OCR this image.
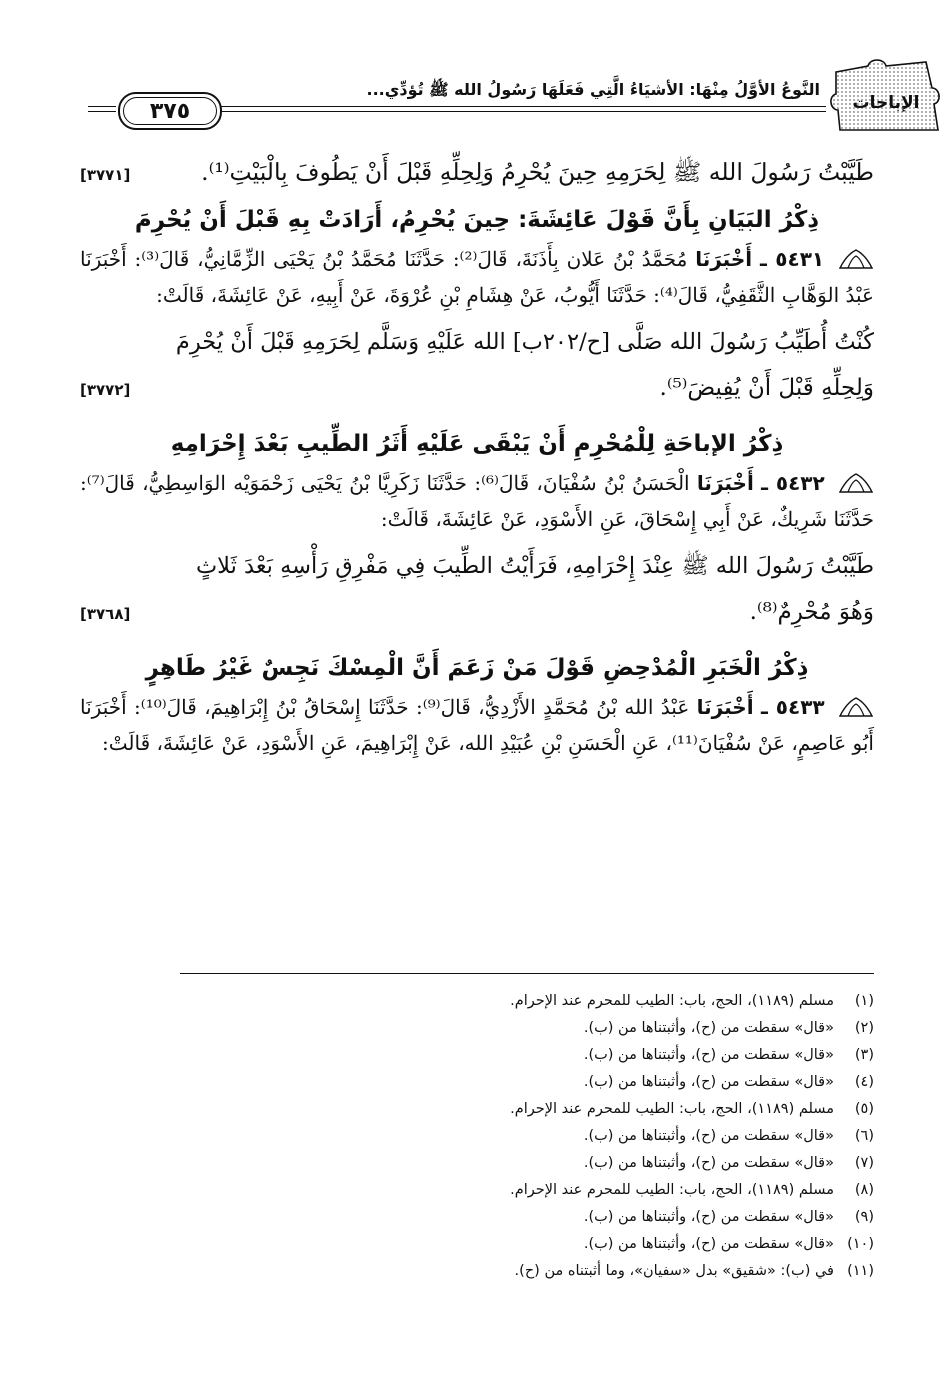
الإباحات
النَّوعُ الأوَّلُ مِنْهَا: الأشيَاءُ الَّتِي فَعَلَهَا رَسُولُ الله ﷺ تُؤدِّي...
٣٧٥
طَيَّبْتُ رَسُولَ الله ﷺ لِحَرَمِهِ حِينَ يُحْرِمُ وَلِحِلِّهِ قَبْلَ أَنْ يَطُوفَ بِالْبَيْتِ⁽¹⁾.
[٣٧٧١]
ذِكْرُ البَيَانِ بِأَنَّ قَوْلَ عَائِشَةَ: حِينَ يُحْرِمُ، أَرَادَتْ بِهِ قَبْلَ أَنْ يُحْرِمَ
٥٤٣١ ـ أَخْبَرَنَا مُحَمَّدُ بْنُ عَلان بِأَذَنَةَ، قَالَ⁽²⁾: حَدَّثَنَا مُحَمَّدُ بْنُ يَحْيَى الزِّمَّانِيُّ، قَالَ⁽³⁾: أَخْبَرَنَا عَبْدُ الوَهَّابِ الثَّقَفِيُّ، قَالَ⁽⁴⁾: حَدَّثَنَا أَيُّوبُ، عَنْ هِشَامِ بْنِ عُرْوَةَ، عَنْ أَبِيهِ، عَنْ عَائِشَةَ، قَالَتْ:
كُنْتُ أُطَيِّبُ رَسُولَ الله صَلَّى [ح/٢٠٢ب] الله عَلَيْهِ وَسَلَّم لِحَرَمِهِ قَبْلَ أَنْ يُحْرِمَ
وَلِحِلِّهِ قَبْلَ أَنْ يُفِيضَ⁽⁵⁾.
[٣٧٧٢]
ذِكْرُ الإباحَةِ لِلْمُحْرِمِ أَنْ يَبْقَى عَلَيْهِ أَثَرُ الطِّيبِ بَعْدَ إِحْرَامِهِ
٥٤٣٢ ـ أَخْبَرَنَا الْحَسَنُ بْنُ سُفْيَانَ، قَالَ⁽⁶⁾: حَدَّثَنَا زَكَرِيَّا بْنُ يَحْيَى زَحْمَوَيْه الوَاسِطِيُّ، قَالَ⁽⁷⁾: حَدَّثَنَا شَرِيكٌ، عَنْ أَبِي إِسْحَاقَ، عَنِ الأَسْوَدِ، عَنْ عَائِشَةَ، قَالَتْ:
طَيَّبْتُ رَسُولَ الله ﷺ عِنْدَ إِحْرَامِهِ، فَرَأَيْتُ الطِّيبَ فِي مَفْرِقِ رَأْسِهِ بَعْدَ ثَلاثٍ
وَهُوَ مُحْرِمٌ⁽⁸⁾.
[٣٧٦٨]
ذِكْرُ الْخَبَرِ الْمُدْحِضِ قَوْلَ مَنْ زَعَمَ أَنَّ الْمِسْكَ نَجِسٌ غَيْرُ طَاهِرٍ
٥٤٣٣ ـ أَخْبَرَنَا عَبْدُ الله بْنُ مُحَمَّدٍ الأَزْدِيُّ، قَالَ⁽⁹⁾: حَدَّثَنَا إِسْحَاقُ بْنُ إِبْرَاهِيمَ، قَالَ⁽¹⁰⁾: أَخْبَرَنَا أَبُو عَاصِمٍ، عَنْ سُفْيَانَ⁽¹¹⁾، عَنِ الْحَسَنِ بْنِ عُبَيْدِ الله، عَنْ إِبْرَاهِيمَ، عَنِ الأَسْوَدِ، عَنْ عَائِشَةَ، قَالَتْ:
(١)مسلم (١١٨٩)، الحج، باب: الطيب للمحرم عند الإحرام.
(٢)«قال» سقطت من (ح)، وأثبتناها من (ب).
(٣)«قال» سقطت من (ح)، وأثبتناها من (ب).
(٤)«قال» سقطت من (ح)، وأثبتناها من (ب).
(٥)مسلم (١١٨٩)، الحج، باب: الطيب للمحرم عند الإحرام.
(٦)«قال» سقطت من (ح)، وأثبتناها من (ب).
(٧)«قال» سقطت من (ح)، وأثبتناها من (ب).
(٨)مسلم (١١٨٩)، الحج، باب: الطيب للمحرم عند الإحرام.
(٩)«قال» سقطت من (ح)، وأثبتناها من (ب).
(١٠)«قال» سقطت من (ح)، وأثبتناها من (ب).
(١١)في (ب): «شقيق» بدل «سفيان»، وما أثبتناه من (ح).
